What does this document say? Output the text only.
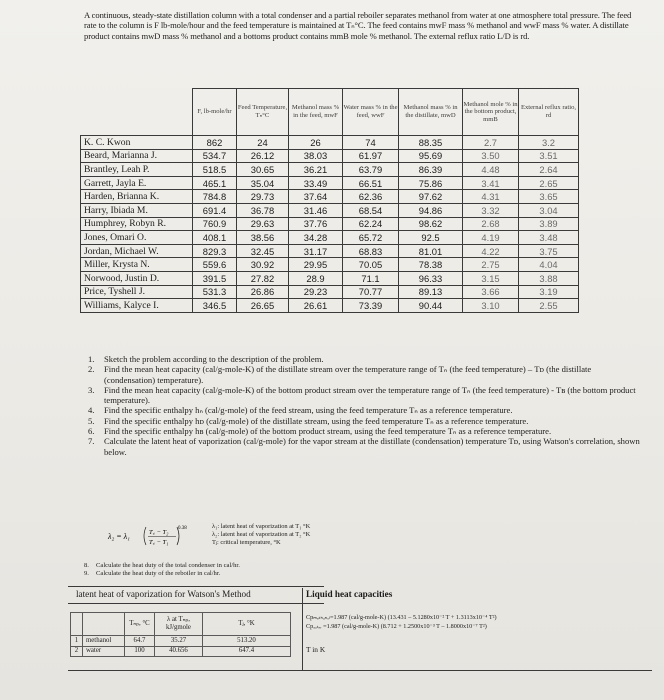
A continuous, steady-state distillation column with a total condenser and a partial reboiler separates methanol from water at one atmosphere total pressure. The feed rate to the column is F lb-mole/hour and the feed temperature is maintained at Tₙ°C. The feed contains mwF mass % methanol and wwF mass % water. A distillate product contains mwD mass % methanol and a bottoms product contains mmB mole % methanol. The external reflux ratio L/D is rd.
	F, lb-mole/hr	Feed Temperature, Tₙ°C	Methanol mass % in the feed, mwF	Water mass % in the feed, wwF	Methanol mass % in the distillate, mwD	Methanol mole % in the bottom product, mmB	External reflux ratio, rd
K. C. Kwon	862	24	26	74	88.35	2.7	3.2
Beard, Marianna J.	534.7	26.12	38.03	61.97	95.69	3.50	3.51
Brantley, Leah P.	518.5	30.65	36.21	63.79	86.39	4.48	2.64
Garrett, Jayla E.	465.1	35.04	33.49	66.51	75.86	3.41	2.65
Harden, Brianna K.	784.8	29.73	37.64	62.36	97.62	4.31	3.65
Harry, Ibiada M.	691.4	36.78	31.46	68.54	94.86	3.32	3.04
Humphrey, Robyn R.	760.9	29.63	37.76	62.24	98.62	2.68	3.89
Jones, Omari O.	408.1	38.56	34.28	65.72	92.5	4.19	3.48
Jordan, Michael W.	829.3	32.45	31.17	68.83	81.01	4.22	3.75
Miller, Krysta N.	559.6	30.92	29.95	70.05	78.38	2.75	4.04
Norwood, Justin D.	391.5	27.82	28.9	71.1	96.33	3.15	3.88
Price, Tyshell J.	531.3	26.86	29.23	70.77	89.13	3.66	3.19
Williams, Kalyce I.	346.5	26.65	26.61	73.39	90.44	3.10	2.55
1. Sketch the problem according to the description of the problem.
2. Find the mean heat capacity (cal/g-mole-K) of the distillate stream over the temperature range of Tₙ (the feed temperature) – Tᴅ (the distillate (condensation) temperature).
3. Find the mean heat capacity (cal/g-mole-K) of the bottom product stream over the temperature range of Tₙ (the feed temperature) - Tʙ (the bottom product temperature).
4. Find the specific enthalpy hₙ (cal/g-mole) of the feed stream, using the feed temperature Tₙ as a reference temperature.
5. Find the specific enthalpy hᴅ (cal/g-mole) of the distillate stream, using the feed temperature Tₙ as a reference temperature.
6. Find the specific enthalpy hʙ (cal/g-mole) of the bottom product stream, using the feed temperature Tₙ as a reference temperature.
7. Calculate the latent heat of vaporization (cal/g-mole) for the vapor stream at the distillate (condensation) temperature Tᴅ, using Watson's correlation, shown below.
λ₂ = λ₁	T꜀ − T₂
T꜀ − T₁
0.38	λ₁: latent heat of vaporization at T₁ °K
λ₂: latent heat of vaporization at T₂ °K
Tⱼ: critical temperature, °K
8. Calculate the heat duty of the total condenser in cal/hr.
9. Calculate the heat duty of the reboiler in cal/hr.
latent heat of vaporization for Watson's Method	Liquid heat capacities
		Tₙₚ, °C	λ at Tₙₚ, kJ/gmole	Tⱼ, °K
1	methanol	64.7	35.27	513.20
2	water	100	40.656	647.4
Cpₘₑₜₕₐₙₒₗ=1.987 (cal/g-mole-K) (13.431 – 5.1280x10⁻² T + 1.3113x10⁻⁴ T²)
Cpₓₐₜₑᵣ =1.987 (cal/g-mole-K) (8.712 + 1.2500x10⁻³ T – 1.8000x10⁻⁷ T²)
T in K
